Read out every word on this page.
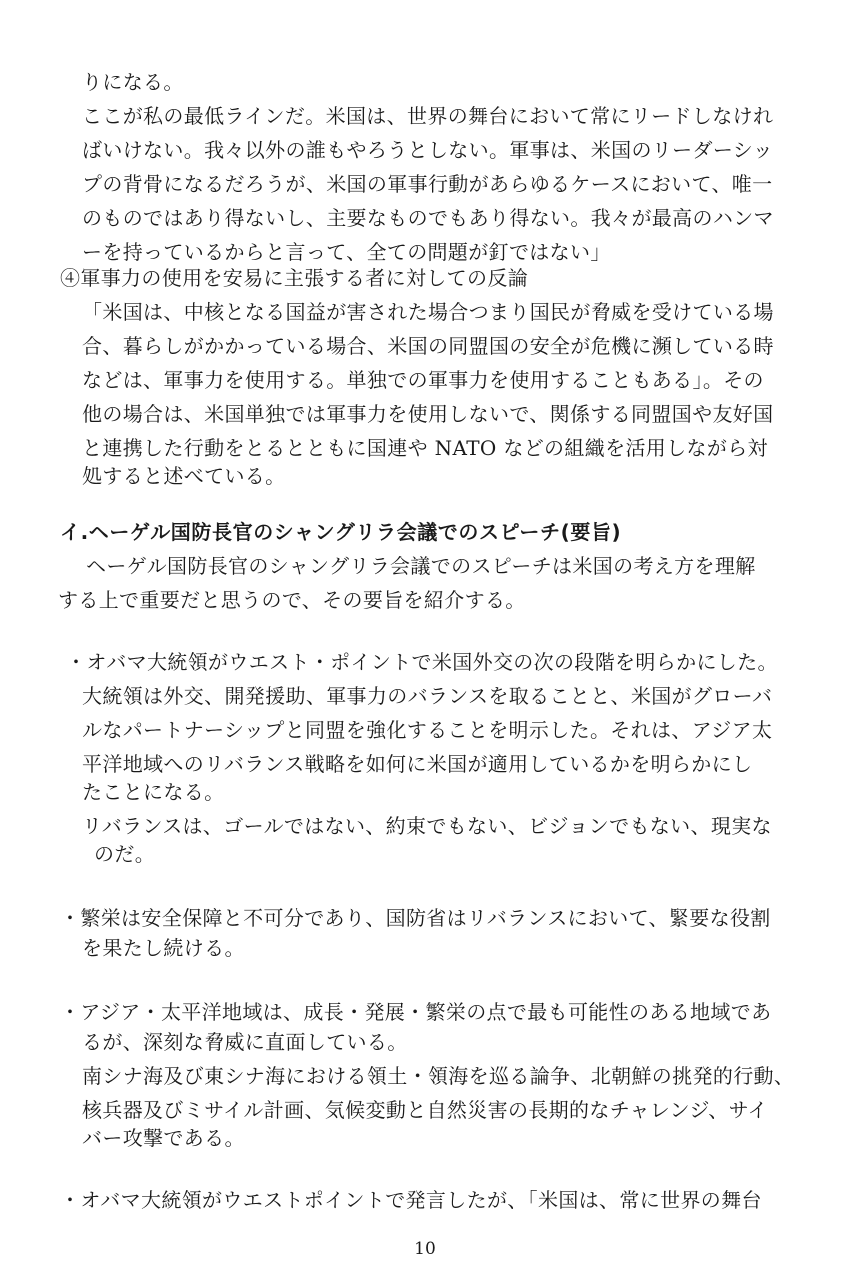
りになる。
ここが私の最低ラインだ。米国は、世界の舞台において常にリードしなけれ
ばいけない。我々以外の誰もやろうとしない。軍事は、米国のリーダーシッ
プの背骨になるだろうが、米国の軍事行動があらゆるケースにおいて、唯一
のものではあり得ないし、主要なものでもあり得ない。我々が最高のハンマ
ーを持っているからと言って、全ての問題が釘ではない」
④軍事力の使用を安易に主張する者に対しての反論
「米国は、中核となる国益が害された場合つまり国民が脅威を受けている場
合、暮らしがかかっている場合、米国の同盟国の安全が危機に瀕している時
などは、軍事力を使用する。単独での軍事力を使用することもある」。その
他の場合は、米国単独では軍事力を使用しないで、関係する同盟国や友好国
と連携した行動をとるとともに国連や NATO などの組織を活用しながら対
処すると述べている。
イ.ヘーゲル国防長官のシャングリラ会議でのスピーチ(要旨)
ヘーゲル国防長官のシャングリラ会議でのスピーチは米国の考え方を理解
する上で重要だと思うので、その要旨を紹介する。
・オバマ大統領がウエスト・ポイントで米国外交の次の段階を明らかにした。
大統領は外交、開発援助、軍事力のバランスを取ることと、米国がグローバ
ルなパートナーシップと同盟を強化することを明示した。それは、アジア太
平洋地域へのリバランス戦略を如何に米国が適用しているかを明らかにし
たことになる。
リバランスは、ゴールではない、約束でもない、ビジョンでもない、現実な
のだ。
・繁栄は安全保障と不可分であり、国防省はリバランスにおいて、緊要な役割
を果たし続ける。
・アジア・太平洋地域は、成長・発展・繁栄の点で最も可能性のある地域であ
るが、深刻な脅威に直面している。
南シナ海及び東シナ海における領土・領海を巡る論争、北朝鮮の挑発的行動、
核兵器及びミサイル計画、気候変動と自然災害の長期的なチャレンジ、サイ
バー攻撃である。
・オバマ大統領がウエストポイントで発言したが、「米国は、常に世界の舞台
10
